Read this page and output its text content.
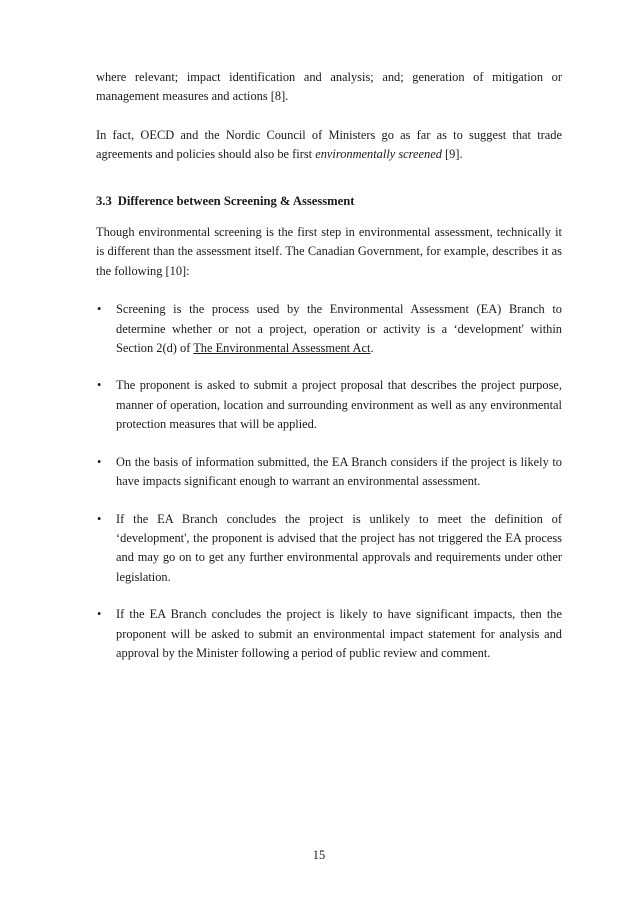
where relevant; impact identification and analysis; and; generation of mitigation or management measures and actions [8].

In fact, OECD and the Nordic Council of Ministers go as far as to suggest that trade agreements and policies should also be first environmentally screened [9].

3.3 Difference between Screening & Assessment

Though environmental screening is the first step in environmental assessment, technically it is different than the assessment itself. The Canadian Government, for example, describes it as the following [10]:

• Screening is the process used by the Environmental Assessment (EA) Branch to determine whether or not a project, operation or activity is a ‘development' within Section 2(d) of The Environmental Assessment Act.
• The proponent is asked to submit a project proposal that describes the project purpose, manner of operation, location and surrounding environment as well as any environmental protection measures that will be applied.
• On the basis of information submitted, the EA Branch considers if the project is likely to have impacts significant enough to warrant an environmental assessment.
• If the EA Branch concludes the project is unlikely to meet the definition of ‘development', the proponent is advised that the project has not triggered the EA process and may go on to get any further environmental approvals and requirements under other legislation.
• If the EA Branch concludes the project is likely to have significant impacts, then the proponent will be asked to submit an environmental impact statement for analysis and approval by the Minister following a period of public review and comment.
15
